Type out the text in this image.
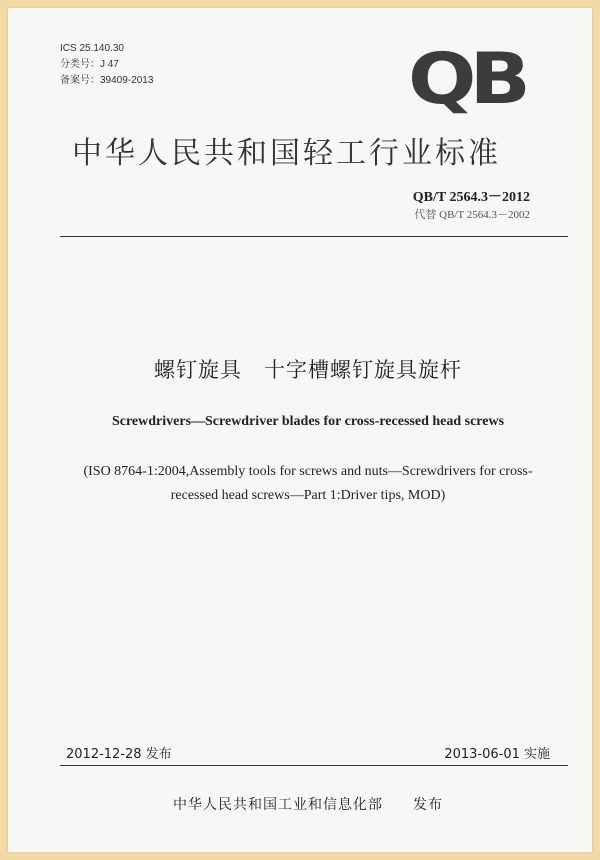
ICS 25.140.30
分类号：J 47
备案号：39409-2013	QB
中华人民共和国轻工行业标准
QB/T 2564.3－2012
代替 QB/T 2564.3－2002
螺钉旋具　十字槽螺钉旋具旋杆
Screwdrivers—Screwdriver blades for cross-recessed head screws
(ISO 8764-1:2004,Assembly tools for screws and nuts—Screwdrivers for cross-recessed head screws—Part 1:Driver tips, MOD)
2012-12-28 发布	2013-06-01 实施
中华人民共和国工业和信息化部　　发布
